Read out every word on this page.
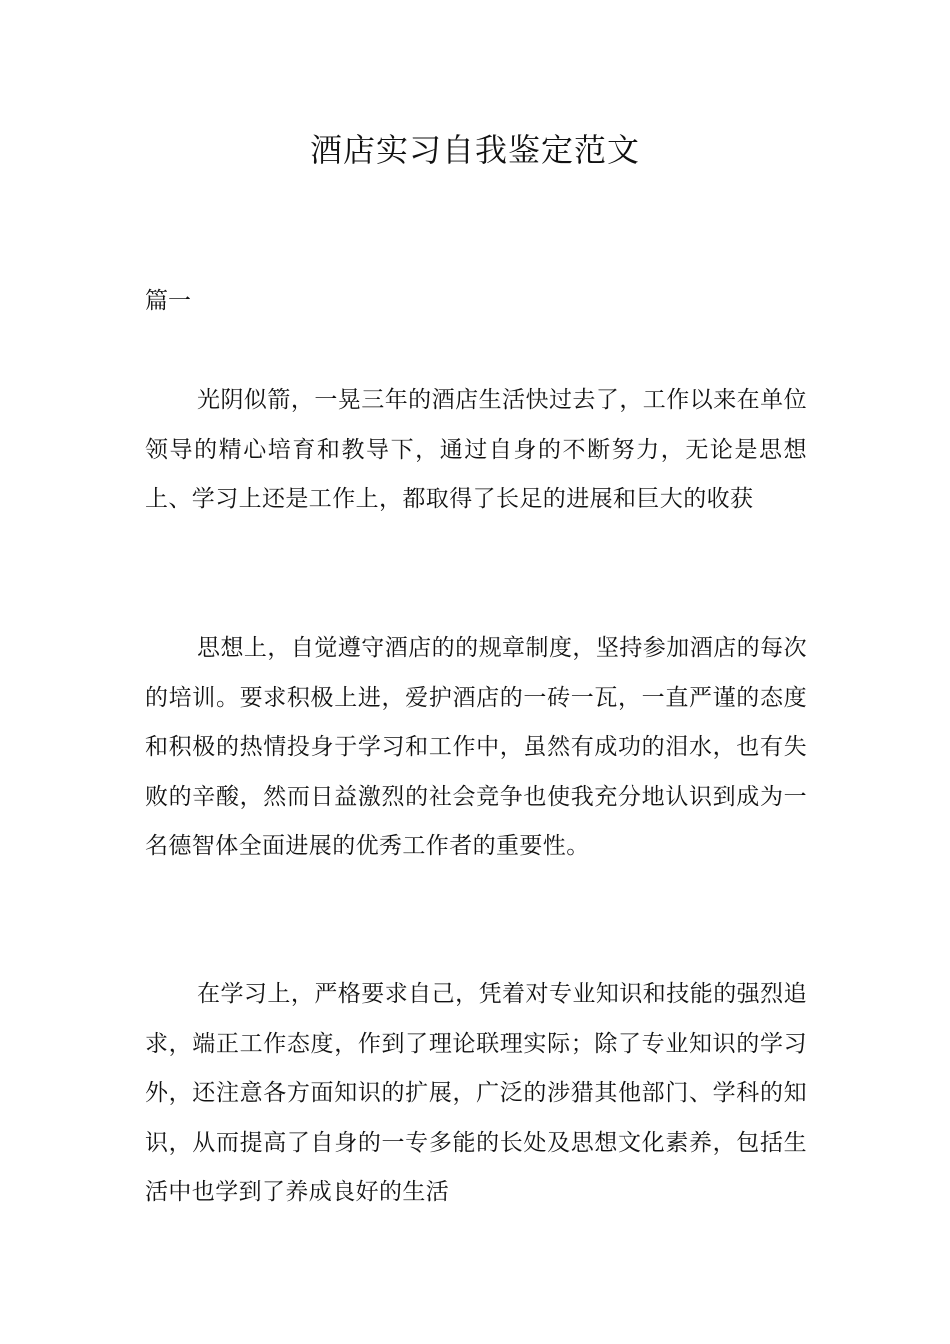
酒店实习自我鉴定范文

篇一

光阴似箭，一晃三年的酒店生活快过去了，工作以来在单位领导的精心培育和教导下，通过自身的不断努力，无论是思想上、学习上还是工作上，都取得了长足的进展和巨大的收获

思想上，自觉遵守酒店的的规章制度，坚持参加酒店的每次的培训。要求积极上进，爱护酒店的一砖一瓦，一直严谨的态度和积极的热情投身于学习和工作中，虽然有成功的泪水，也有失败的辛酸，然而日益激烈的社会竞争也使我充分地认识到成为一名德智体全面进展的优秀工作者的重要性。

在学习上，严格要求自己，凭着对专业知识和技能的强烈追求，端正工作态度，作到了理论联理实际；除了专业知识的学习外，还注意各方面知识的扩展，广泛的涉猎其他部门、学科的知识，从而提高了自身的一专多能的长处及思想文化素养，包括生活中也学到了养成良好的生活
